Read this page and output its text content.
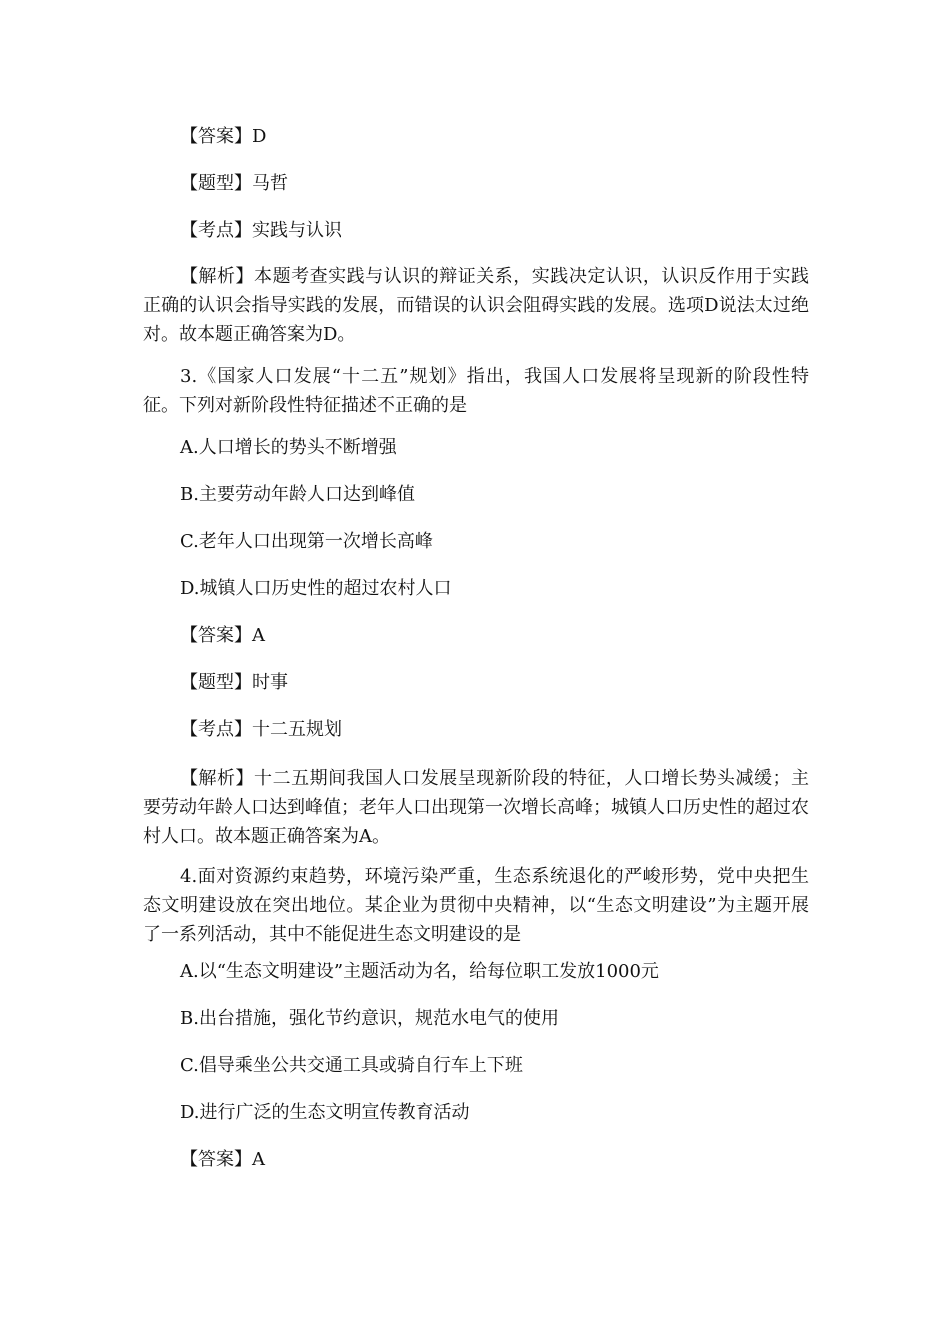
【答案】D
【题型】马哲
【考点】实践与认识
【解析】本题考查实践与认识的辩证关系，实践决定认识，认识反作用于实践正确的认识会指导实践的发展，而错误的认识会阻碍实践的发展。选项D说法太过绝对。故本题正确答案为D。
3.《国家人口发展“十二五”规划》指出，我国人口发展将呈现新的阶段性特征。下列对新阶段性特征描述不正确的是
A.人口增长的势头不断增强
B.主要劳动年龄人口达到峰值
C.老年人口出现第一次增长高峰
D.城镇人口历史性的超过农村人口
【答案】A
【题型】时事
【考点】十二五规划
【解析】十二五期间我国人口发展呈现新阶段的特征，人口增长势头减缓；主要劳动年龄人口达到峰值；老年人口出现第一次增长高峰；城镇人口历史性的超过农村人口。故本题正确答案为A。
4.面对资源约束趋势，环境污染严重，生态系统退化的严峻形势，党中央把生态文明建设放在突出地位。某企业为贯彻中央精神，以“生态文明建设”为主题开展了一系列活动，其中不能促进生态文明建设的是
A.以“生态文明建设”主题活动为名，给每位职工发放1000元
B.出台措施，强化节约意识，规范水电气的使用
C.倡导乘坐公共交通工具或骑自行车上下班
D.进行广泛的生态文明宣传教育活动
【答案】A
